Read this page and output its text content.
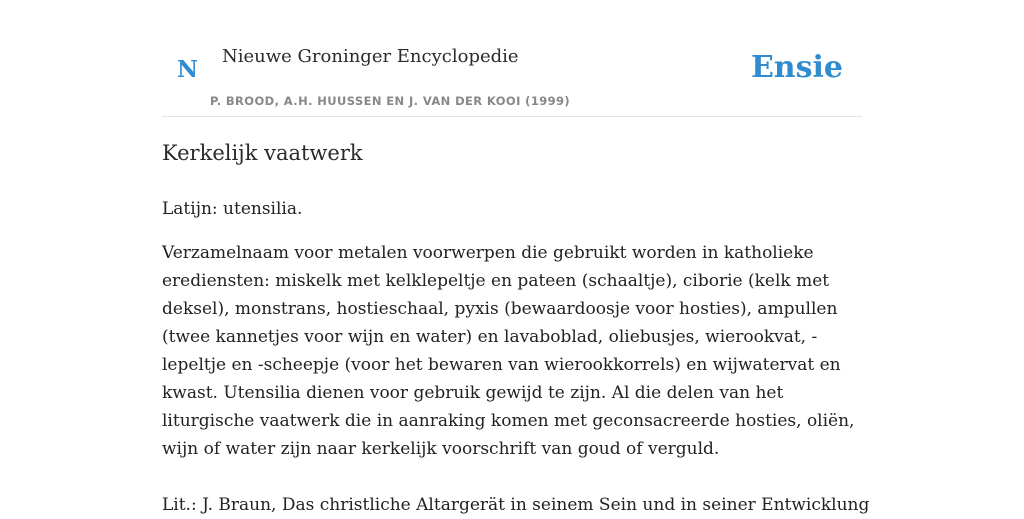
N Nieuwe Groninger Encyclopedie
P. BROOD, A.H. HUUSSEN EN J. VAN DER KOOI (1999)
Ensie
Kerkelijk vaatwerk
Latijn: utensilia.
Verzamelnaam voor metalen voorwerpen die gebruikt worden in katholieke erediensten: miskelk met kelklepeltje en pateen (schaaltje), ciborie (kelk met deksel), monstrans, hostieschaal, pyxis (bewaardoosje voor hosties), ampullen (twee kannetjes voor wijn en water) en lavaboblad, oliebusjes, wierookvat, -lepeltje en -scheepje (voor het bewaren van wierookkorrels) en wijwatervat en kwast. Utensilia dienen voor gebruik gewijd te zijn. Al die delen van het liturgische vaatwerk die in aanraking komen met geconsacreerde hosties, oliën, wijn of water zijn naar kerkelijk voorschrift van goud of verguld.
Lit.: J. Braun, Das christliche Altargerät in seinem Sein und in seiner Entwicklung
